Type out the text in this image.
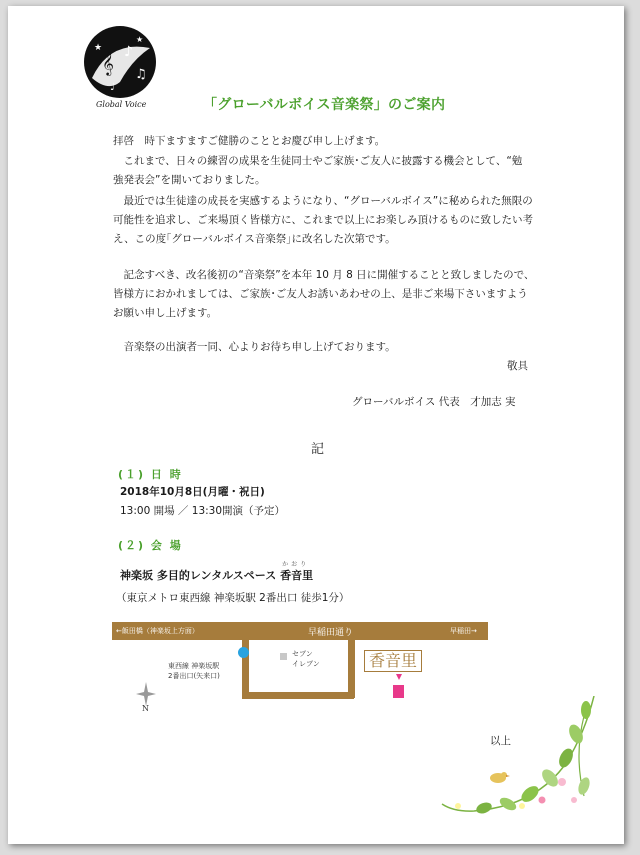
𝄞 ♪
♫
★
★
♩
Global Voice	「グローバルボイス音楽祭」のご案内
拝啓　時下ますますご健勝のこととお慶び申し上げます。
　これまで、日々の練習の成果を生徒同士やご家族･ご友人に披露する機会として、“勉
強発表会”を開いておりました。
　最近では生徒達の成長を実感するようになり、“グローバルボイス”に秘められた無限の
可能性を追求し、ご来場頂く皆様方に、これまで以上にお楽しみ頂けるものに致したい考
え、この度｢グローバルボイス音楽祭｣に改名した次第です。
　記念すべき、改名後初の“音楽祭”を本年 10 月 8 日に開催することと致しましたので、
皆様方におかれましては、ご家族･ご友人お誘いあわせの上、是非ご来場下さいますよう
お願い申し上げます。
　音楽祭の出演者一同、心よりお待ち申し上げております。
敬具
グローバルボイス 代表　才加志 実
記
(１) 日 時
2018年10月8日(月曜・祝日)
13:00 開場 ／ 13:30開演（予定）
(２) 会 場
神楽坂 多目的レンタルスペース
かおり
香音里
（東京メトロ東西線 神楽坂駅 2番出口 徒歩1分）
←飯田橋（神楽坂上方面）	早稲田通り	早稲田→
東西線 神楽坂駅
2番出口(矢来口)
セブン
イレブン	香音里
N
以上
